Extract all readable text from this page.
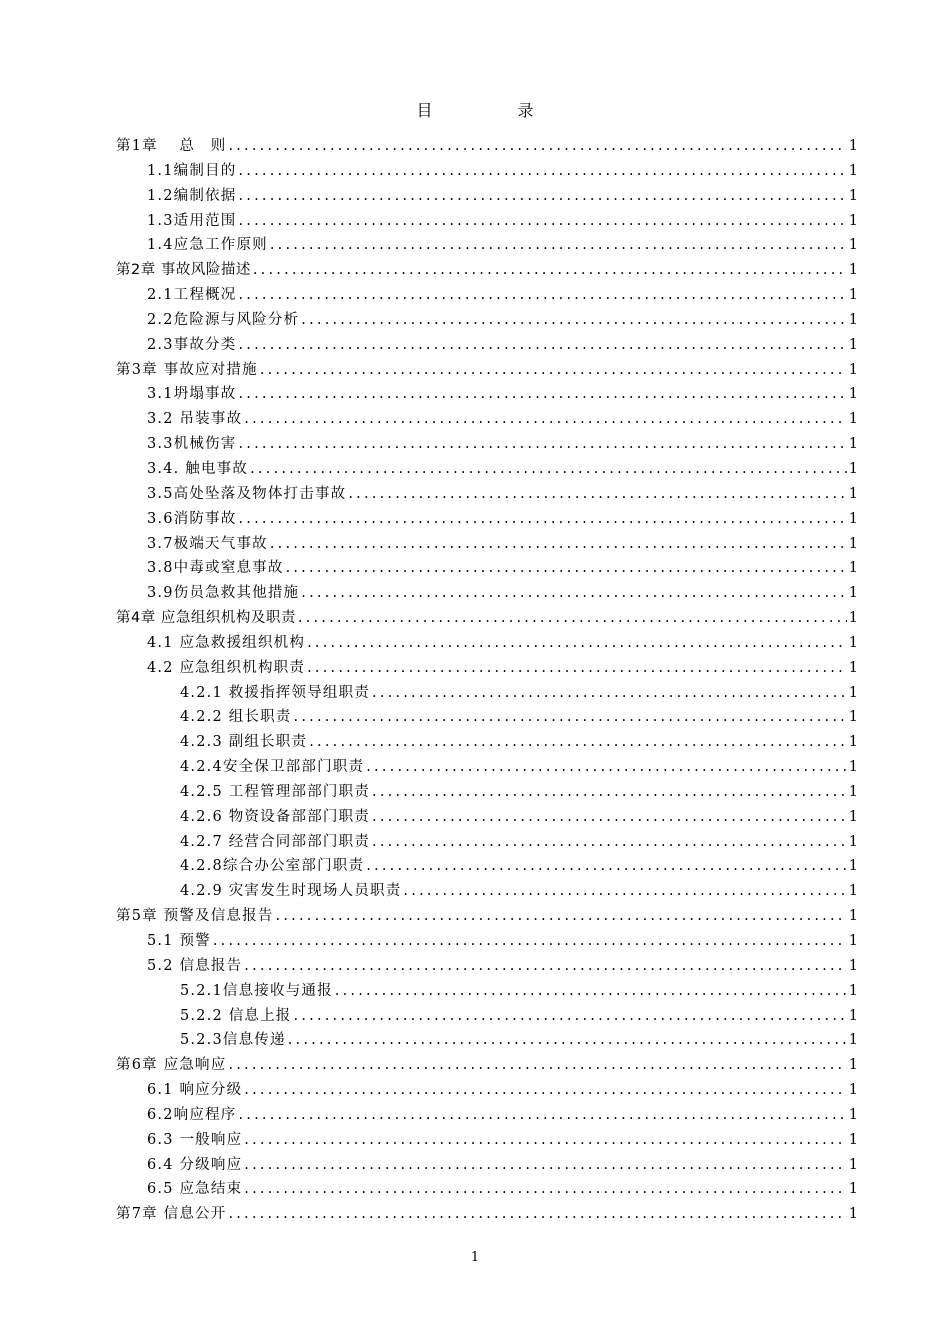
目 录
第1章　 总　则 .....	1
1.1编制目的 .....	1
1.2编制依据 .....	1
1.3适用范围 .....	1
1.4应急工作原则 .....	1
第2章 事故风险描述 .....	1
2.1工程概况 .....	1
2.2危险源与风险分析 .....	1
2.3事故分类 .....	1
第3章 事故应对措施 .....	1
3.1坍塌事故 .....	1
3.2 吊装事故 .....	1
3.3机械伤害 .....	1
3.4. 触电事故 .....	1
3.5高处坠落及物体打击事故 .....	1
3.6消防事故 .....	1
3.7极端天气事故 .....	1
3.8中毒或窒息事故 .....	1
3.9伤员急救其他措施 .....	1
第4章 应急组织机构及职责 .....	1
4.1 应急救援组织机构 .....	1
4.2 应急组织机构职责 .....	1
4.2.1 救援指挥领导组职责 .....	1
4.2.2 组长职责 .....	1
4.2.3 副组长职责 .....	1
4.2.4安全保卫部部门职责 .....	1
4.2.5 工程管理部部门职责 .....	1
4.2.6 物资设备部部门职责 .....	1
4.2.7 经营合同部部门职责 .....	1
4.2.8综合办公室部门职责 .....	1
4.2.9 灾害发生时现场人员职责 .....	1
第5章 预警及信息报告 .....	1
5.1 预警 .....	1
5.2 信息报告 .....	1
5.2.1信息接收与通报 .....	1
5.2.2 信息上报 .....	1
5.2.3信息传递 .....	1
第6章 应急响应 .....	1
6.1 响应分级 .....	1
6.2响应程序 .....	1
6.3 一般响应 .....	1
6.4 分级响应 .....	1
6.5 应急结束 .....	1
第7章 信息公开 .....	1
1
